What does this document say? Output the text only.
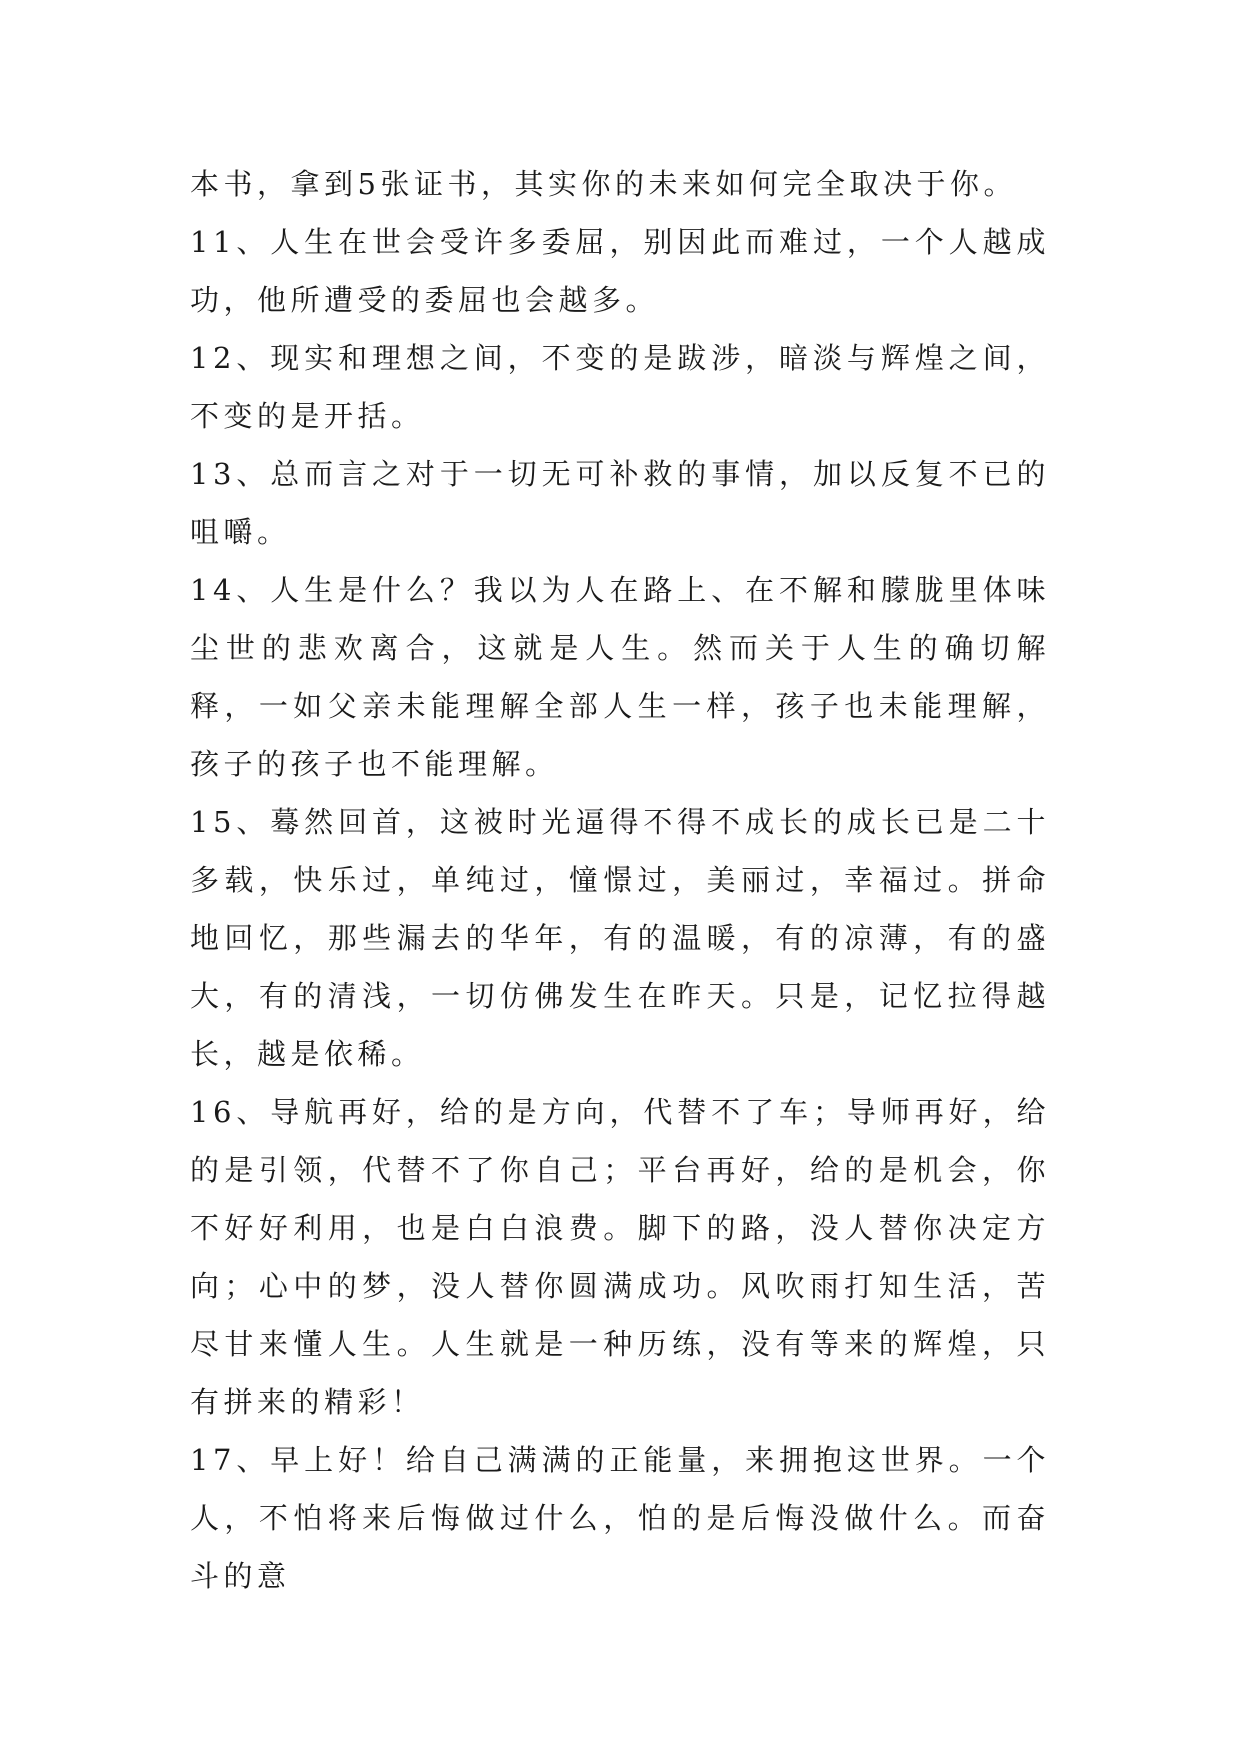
本书，拿到5张证书，其实你的未来如何完全取决于你。

11、人生在世会受许多委屈，别因此而难过，一个人越成功，他所遭受的委屈也会越多。

12、现实和理想之间，不变的是跋涉，暗淡与辉煌之间，不变的是开括。

13、总而言之对于一切无可补救的事情，加以反复不已的咀嚼。

14、人生是什么？我以为人在路上、在不解和朦胧里体味尘世的悲欢离合，这就是人生。然而关于人生的确切解释，一如父亲未能理解全部人生一样，孩子也未能理解，孩子的孩子也不能理解。

15、蓦然回首，这被时光逼得不得不成长的成长已是二十多载，快乐过，单纯过，憧憬过，美丽过，幸福过。拼命地回忆，那些漏去的华年，有的温暖，有的凉薄，有的盛大，有的清浅，一切仿佛发生在昨天。只是，记忆拉得越长，越是依稀。

16、导航再好，给的是方向，代替不了车；导师再好，给的是引领，代替不了你自己；平台再好，给的是机会，你不好好利用，也是白白浪费。脚下的路，没人替你决定方向；心中的梦，没人替你圆满成功。风吹雨打知生活，苦尽甘来懂人生。人生就是一种历练，没有等来的辉煌，只有拼来的精彩！

17、早上好！给自己满满的正能量，来拥抱这世界。一个人，不怕将来后悔做过什么，怕的是后悔没做什么。而奋斗的意
